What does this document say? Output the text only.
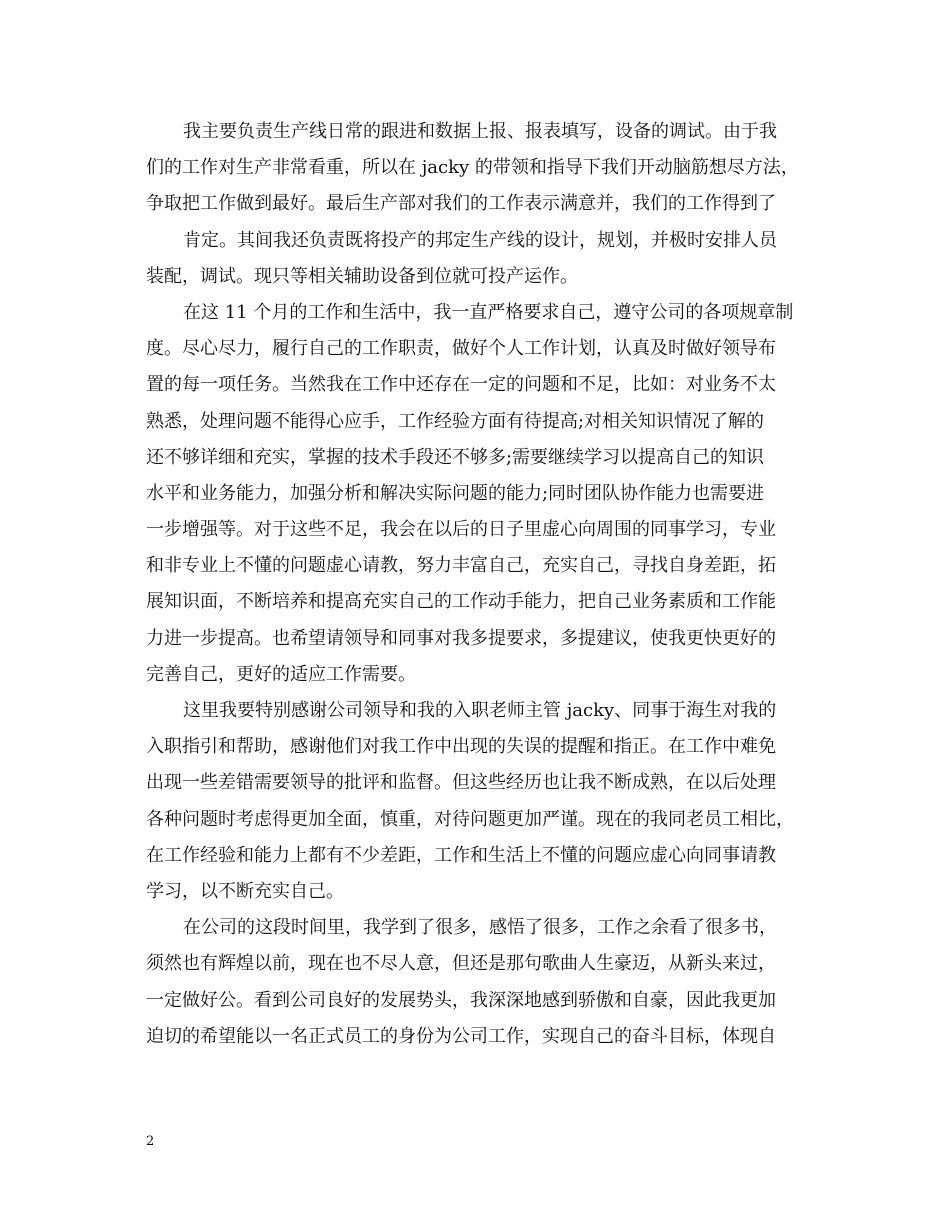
我主要负责生产线日常的跟进和数据上报、报表填写，设备的调试。由于我
们的工作对生产非常看重，所以在 jacky 的带领和指导下我们开动脑筋想尽方法，
争取把工作做到最好。最后生产部对我们的工作表示满意并，我们的工作得到了
肯定。其间我还负责既将投产的邦定生产线的设计，规划，并极时安排人员
装配，调试。现只等相关辅助设备到位就可投产运作。
在这 11 个月的工作和生活中，我一直严格要求自己，遵守公司的各项规章制
度。尽心尽力，履行自己的工作职责，做好个人工作计划，认真及时做好领导布
置的每一项任务。当然我在工作中还存在一定的问题和不足，比如：对业务不太
熟悉，处理问题不能得心应手，工作经验方面有待提高;对相关知识情况了解的
还不够详细和充实，掌握的技术手段还不够多;需要继续学习以提高自己的知识
水平和业务能力，加强分析和解决实际问题的能力;同时团队协作能力也需要进
一步增强等。对于这些不足，我会在以后的日子里虚心向周围的同事学习，专业
和非专业上不懂的问题虚心请教，努力丰富自己，充实自己，寻找自身差距，拓
展知识面，不断培养和提高充实自己的工作动手能力，把自己业务素质和工作能
力进一步提高。也希望请领导和同事对我多提要求，多提建议，使我更快更好的
完善自己，更好的适应工作需要。
这里我要特别感谢公司领导和我的入职老师主管 jacky、同事于海生对我的
入职指引和帮助，感谢他们对我工作中出现的失误的提醒和指正。在工作中难免
出现一些差错需要领导的批评和监督。但这些经历也让我不断成熟，在以后处理
各种问题时考虑得更加全面，慎重，对待问题更加严谨。现在的我同老员工相比，
在工作经验和能力上都有不少差距，工作和生活上不懂的问题应虚心向同事请教
学习，以不断充实自己。
在公司的这段时间里，我学到了很多，感悟了很多，工作之余看了很多书，
须然也有辉煌以前，现在也不尽人意，但还是那句歌曲人生豪迈，从新头来过，
一定做好公。看到公司良好的发展势头，我深深地感到骄傲和自豪，因此我更加
迫切的希望能以一名正式员工的身份为公司工作，实现自己的奋斗目标，体现自
2
